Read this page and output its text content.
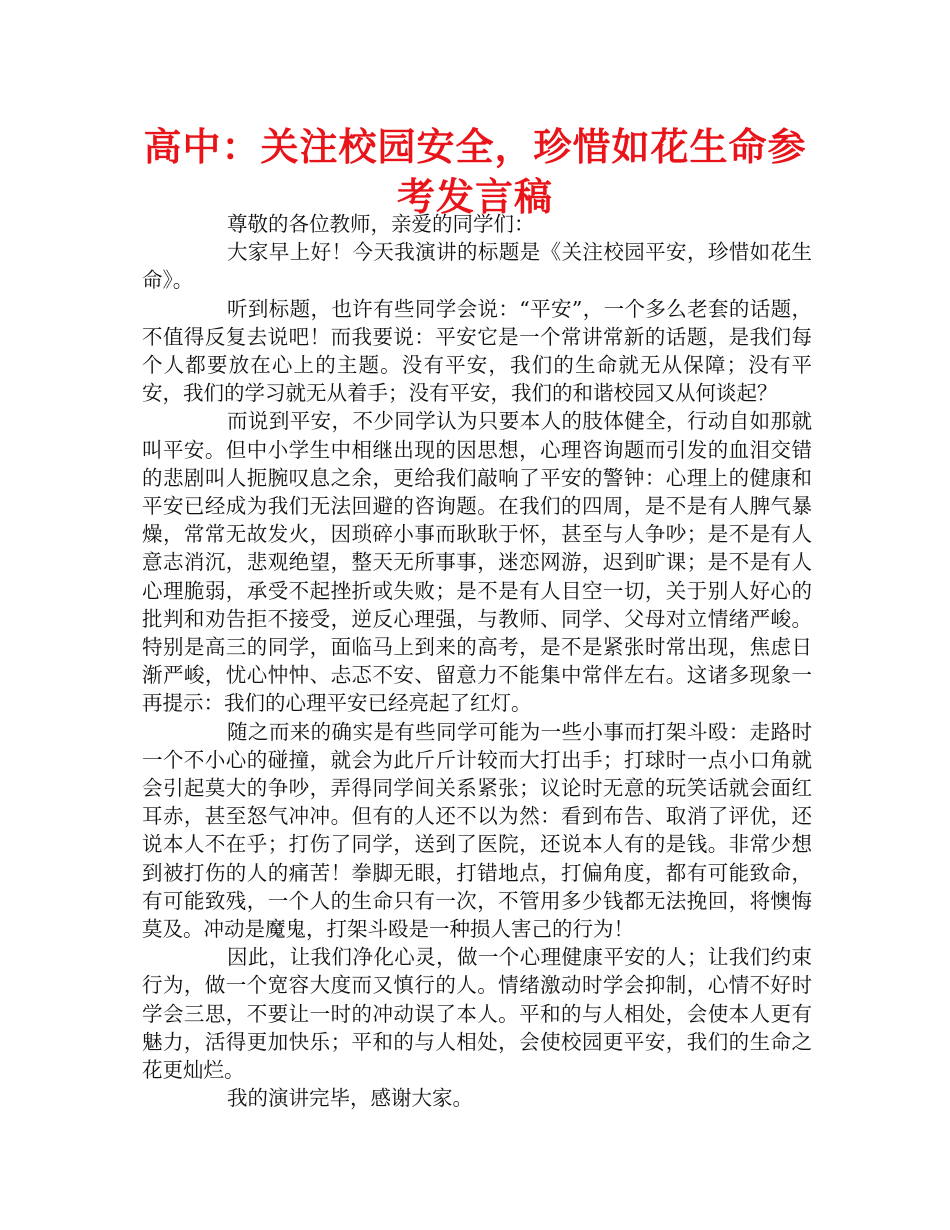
高中：关注校园安全，珍惜如花生命参考发言稿

尊敬的各位教师，亲爱的同学们：

大家早上好！今天我演讲的标题是《关注校园平安，珍惜如花生命》。

听到标题，也许有些同学会说：“平安”，一个多么老套的话题，不值得反复去说吧！而我要说：平安它是一个常讲常新的话题，是我们每个人都要放在心上的主题。没有平安，我们的生命就无从保障；没有平安，我们的学习就无从着手；没有平安，我们的和谐校园又从何谈起？

而说到平安，不少同学认为只要本人的肢体健全，行动自如那就叫平安。但中小学生中相继出现的因思想，心理咨询题而引发的血泪交错的悲剧叫人扼腕叹息之余，更给我们敲响了平安的警钟：心理上的健康和平安已经成为我们无法回避的咨询题。在我们的四周，是不是有人脾气暴燥，常常无故发火，因琐碎小事而耿耿于怀，甚至与人争吵；是不是有人意志消沉，悲观绝望，整天无所事事，迷恋网游，迟到旷课；是不是有人心理脆弱，承受不起挫折或失败；是不是有人目空一切，关于别人好心的批判和劝告拒不接受，逆反心理强，与教师、同学、父母对立情绪严峻。特别是高三的同学，面临马上到来的高考，是不是紧张时常出现，焦虑日渐严峻，忧心忡忡、忐忑不安、留意力不能集中常伴左右。这诸多现象一再提示：我们的心理平安已经亮起了红灯。

随之而来的确实是有些同学可能为一些小事而打架斗殴：走路时一个不小心的碰撞，就会为此斤斤计较而大打出手；打球时一点小口角就会引起莫大的争吵，弄得同学间关系紧张；议论时无意的玩笑话就会面红耳赤，甚至怒气冲冲。但有的人还不以为然：看到布告、取消了评优，还说本人不在乎；打伤了同学，送到了医院，还说本人有的是钱。非常少想到被打伤的人的痛苦！拳脚无眼，打错地点，打偏角度，都有可能致命，有可能致残，一个人的生命只有一次，不管用多少钱都无法挽回，将懊悔莫及。冲动是魔鬼，打架斗殴是一种损人害己的行为！

因此，让我们净化心灵，做一个心理健康平安的人；让我们约束行为，做一个宽容大度而又慎行的人。情绪激动时学会抑制，心情不好时学会三思，不要让一时的冲动误了本人。平和的与人相处，会使本人更有魅力，活得更加快乐；平和的与人相处，会使校园更平安，我们的生命之花更灿烂。

我的演讲完毕，感谢大家。
